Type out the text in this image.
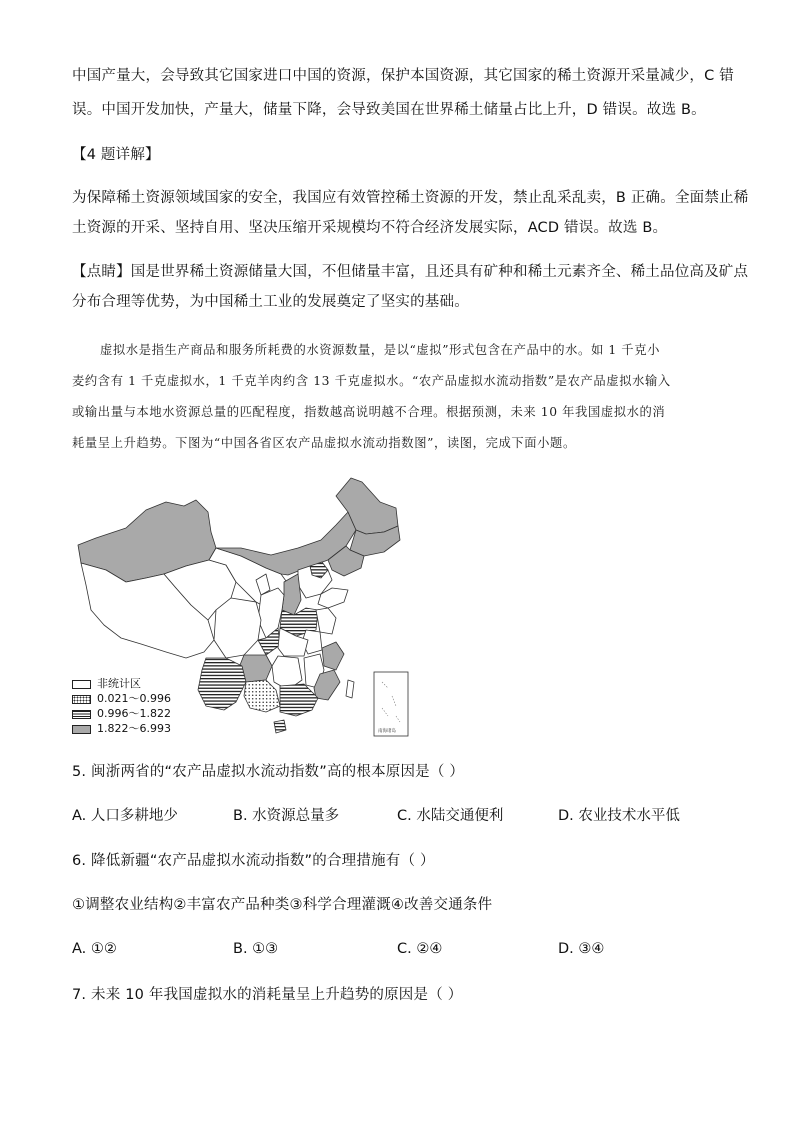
中国产量大，会导致其它国家进口中国的资源，保护本国资源，其它国家的稀土资源开采量减少，C 错
误。中国开发加快，产量大，储量下降，会导致美国在世界稀土储量占比上升，D 错误。故选 B。
【4 题详解】
为保障稀土资源领域国家的安全，我国应有效管控稀土资源的开发，禁止乱采乱卖，B 正确。全面禁止稀
土资源的开采、坚持自用、坚决压缩开采规模均不符合经济发展实际，ACD 错误。故选 B。
【点睛】国是世界稀土资源储量大国，不但储量丰富，且还具有矿种和稀土元素齐全、稀土品位高及矿点
分布合理等优势，为中国稀土工业的发展奠定了坚实的基础。
虚拟水是指生产商品和服务所耗费的水资源数量，是以“虚拟”形式包含在产品中的水。如 1 千克小
麦约含有 1 千克虚拟水，1 千克羊肉约含 13 千克虚拟水。“农产品虚拟水流动指数”是农产品虚拟水输入
或输出量与本地水资源总量的匹配程度，指数越高说明越不合理。根据预测，未来 10 年我国虚拟水的消
耗量呈上升趋势。下图为“中国各省区农产品虚拟水流动指数图”，读图，完成下面小题。
南海诸岛
非统计区
0.021～0.996
0.996～1.822
1.822～6.993
5. 闽浙两省的“农产品虚拟水流动指数”高的根本原因是（ ）
A. 人口多耕地少	B. 水资源总量多	C. 水陆交通便利	D. 农业技术水平低
6. 降低新疆“农产品虚拟水流动指数”的合理措施有（ ）
①调整农业结构②丰富农产品种类③科学合理灌溉④改善交通条件
A. ①②	B. ①③	C. ②④	D. ③④
7. 未来 10 年我国虚拟水的消耗量呈上升趋势的原因是（ ）
